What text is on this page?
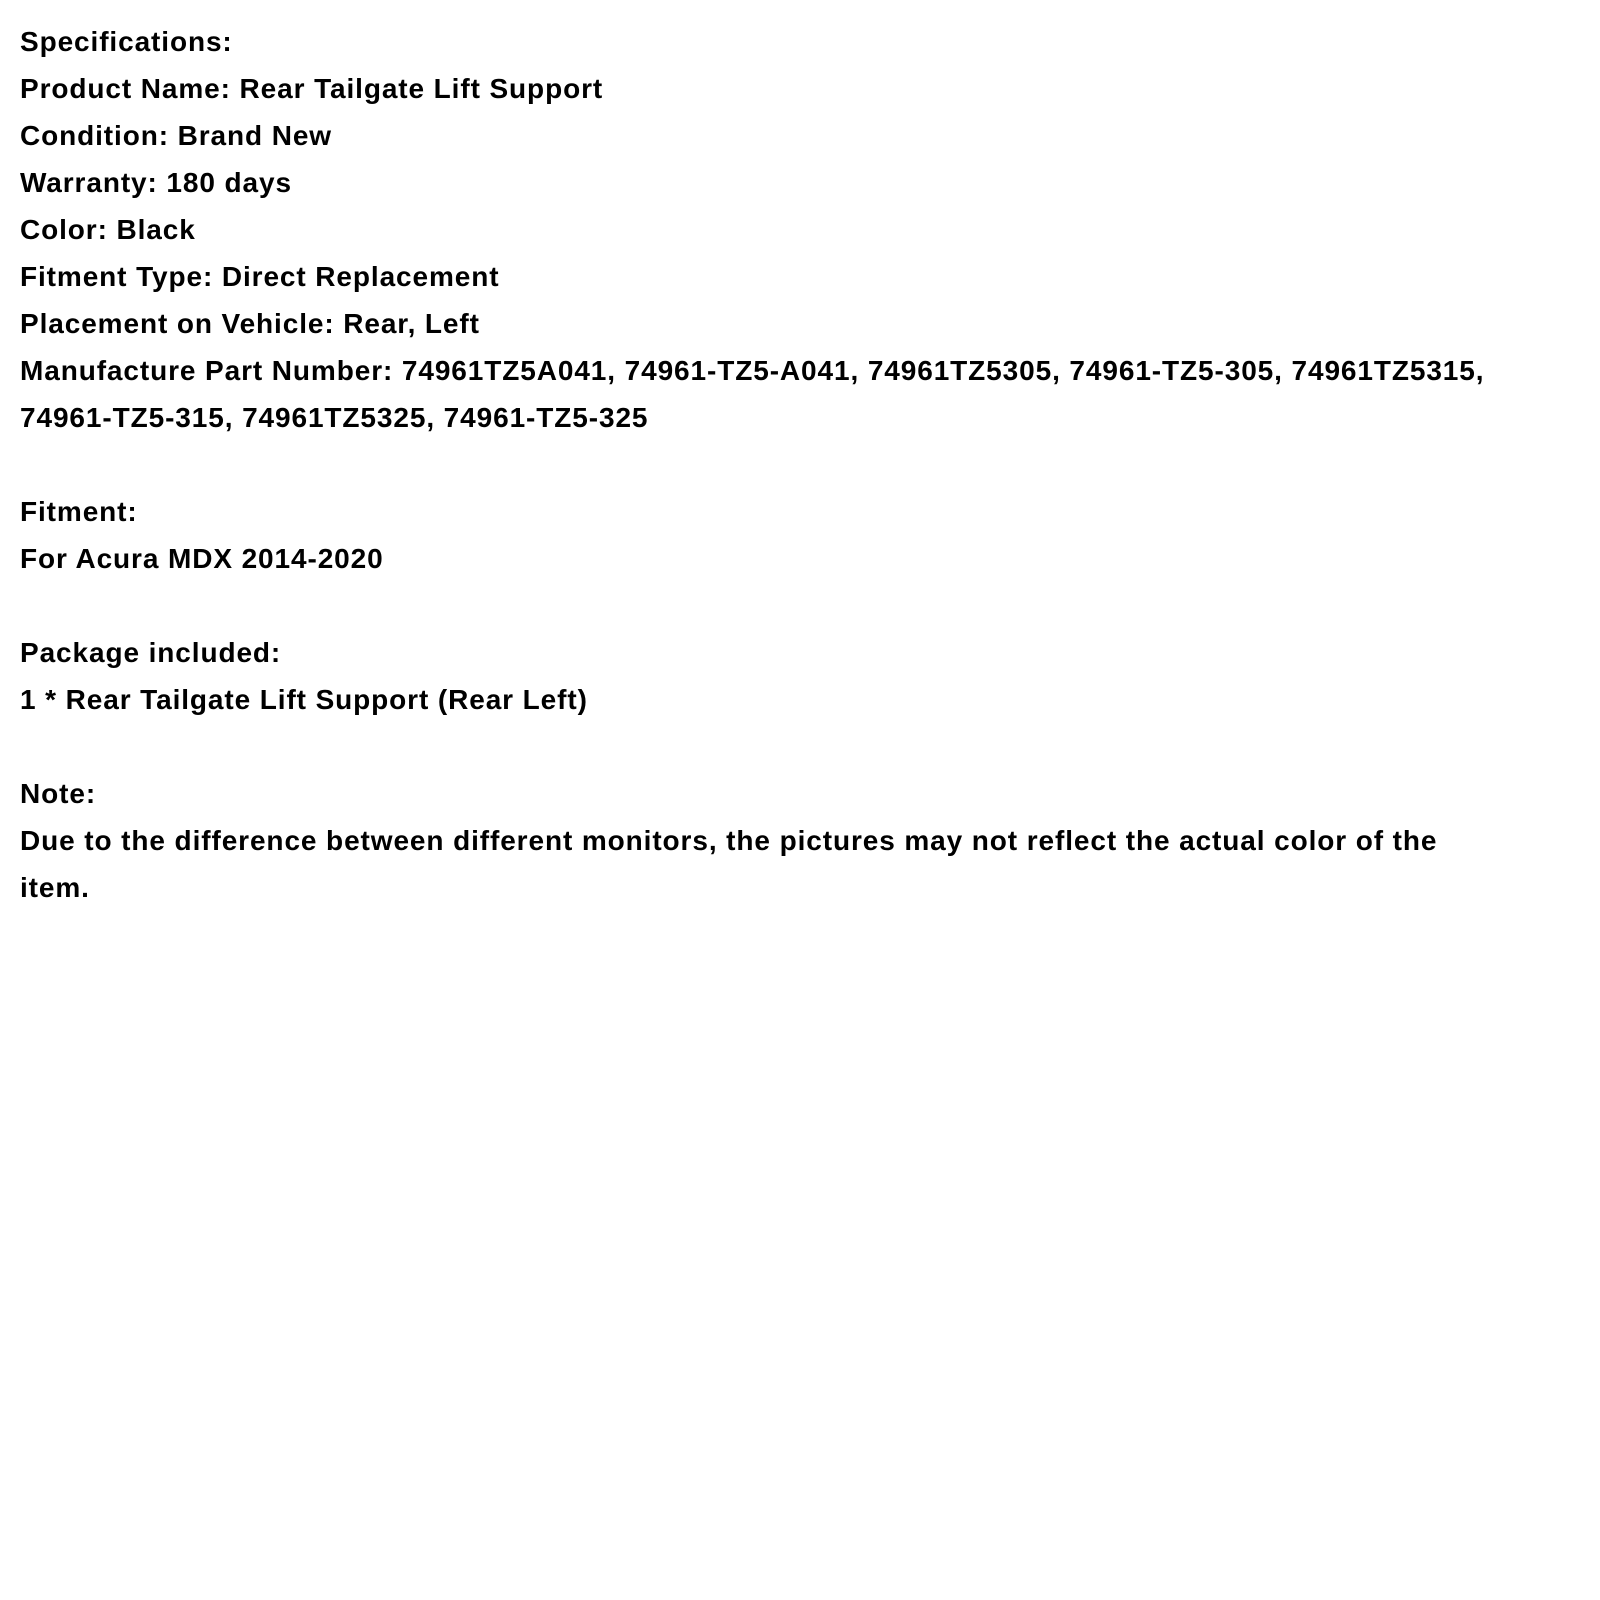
Specifications:

Product Name: Rear Tailgate Lift Support

Condition: Brand New

Warranty: 180 days

Color: Black

Fitment Type: Direct Replacement

Placement on Vehicle: Rear, Left

Manufacture Part Number: 74961TZ5A041, 74961-TZ5-A041, 74961TZ5305, 74961-TZ5-305, 74961TZ5315,

74961-TZ5-315, 74961TZ5325, 74961-TZ5-325

Fitment:

For Acura MDX 2014-2020

Package included:

1 * Rear Tailgate Lift Support (Rear Left)

Note:

Due to the difference between different monitors, the pictures may not reflect the actual color of the

item.
